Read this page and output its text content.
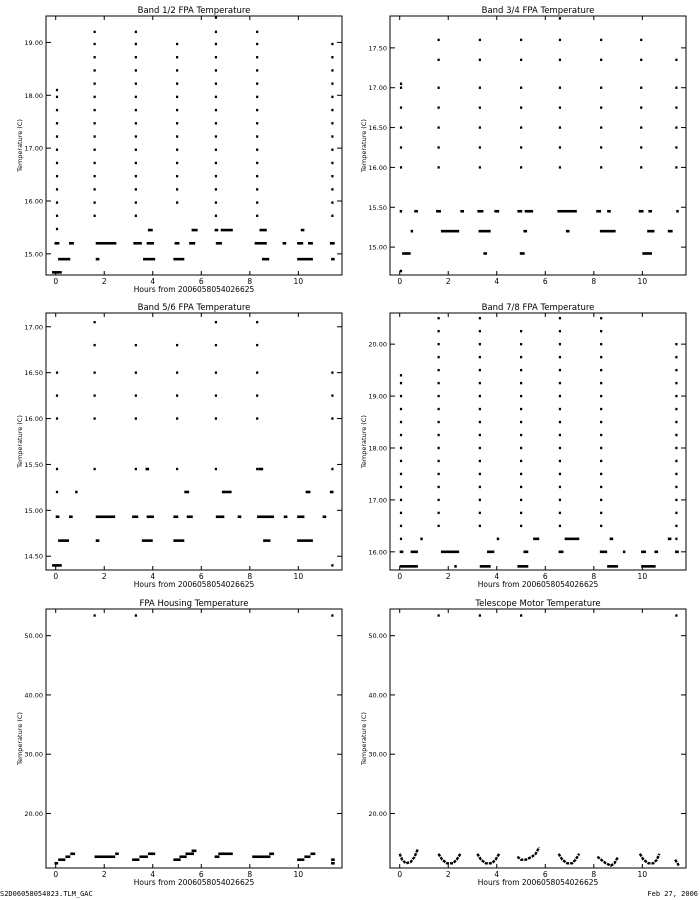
Band 1/2 FPA Temperature
Hours from 2006058054026625
Temperature (C)
0	2	4	6	8	10
15.00
16.00
17.00
18.00
19.00
Band 3/4 FPA Temperature
Temperature (C)
0	2	4	6	8	10
15.00
15.50
16.00
16.50
17.00
17.50
Band 5/6 FPA Temperature
Hours from 2006058054026625
Temperature (C)
0	2	4	6	8	10
14.50
15.00
15.50
16.00
16.50
17.00
Band 7/8 FPA Temperature
Hours from 2006058054026625
Temperature (C)
0	2	4	6	8	10
16.00
17.00
18.00
19.00
20.00
FPA Housing Temperature
Hours from 2006058054026625
Temperature (C)
0	2	4	6	8	10
20.00
30.00
40.00
50.00
Telescope Motor Temperature
Hours from 2006058054026625
Temperature (C)
0	2	4	6	8	10
20.00
30.00
40.00
50.00
S2D06058054023.TLM_GAC	Feb 27, 2006
